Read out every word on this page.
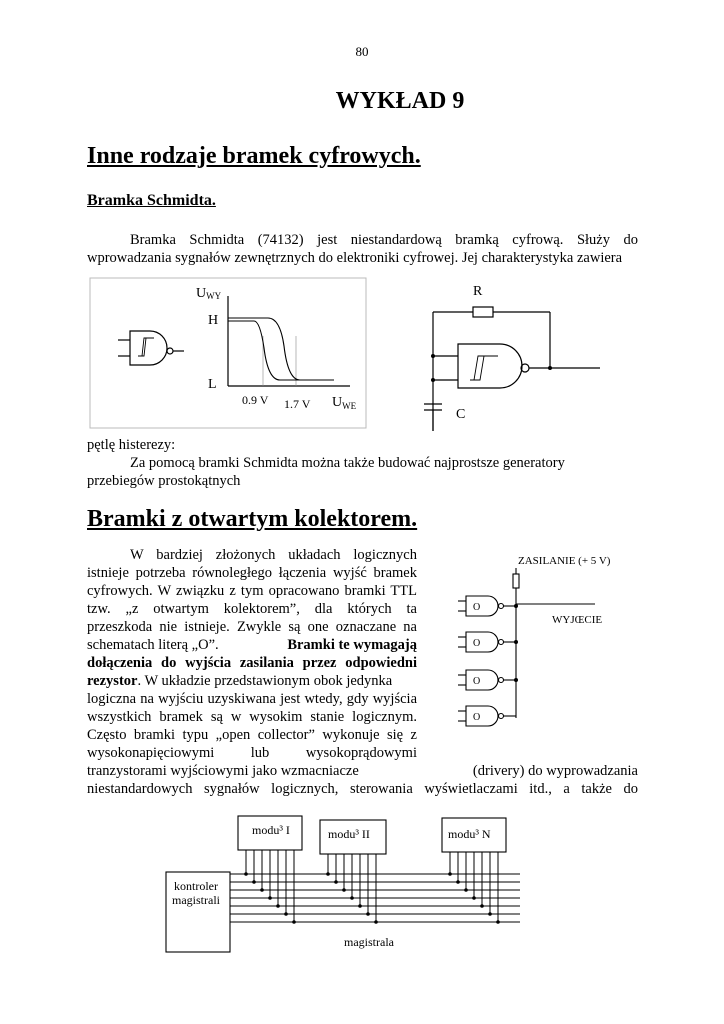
80
WYKŁAD 9
Inne rodzaje bramek cyfrowych.
Bramka Schmidta.
Bramka Schmidta (74132) jest niestandardową bramką cyfrową. Służy do wprowadzania sygnałów zewnętrznych do elektroniki cyfrowej. Jej charakterystyka zawiera
UWY
H
L
0.9 V 1.7 V $U_{WE}$
R
C
pętlę histerezy:
Za pomocą bramki Schmidta można także budować najprostsze generatory
przebiegów prostokątnych
Bramki z otwartym kolektorem.
W bardziej złożonych układach logicznych
istnieje potrzeba równoległego łączenia wyjść bramek
cyfrowych. W związku z tym opracowano bramki TTL
tzw. „z otwartym kolektorem”, dla których ta
przeszkoda nie istnieje. Zwykle są one oznaczane na
schematach literą „O”.	Bramki te wymagają
dołączenia do wyjścia zasilania przez odpowiedni
rezystor. W układzie przedstawionym obok jedynka
logiczna na wyjściu uzyskiwana jest wtedy, gdy wyjścia
wszystkich bramek są w wysokim stanie logicznym.
Często bramki typu „open collector” wykonuje się z
wysokonapięciowymi	lub	wysokoprądowymi
tranzystorami wyjściowymi jako wzmacniacze	(drivery) do wyprowadzania
niestandardowych sygnałów logicznych, sterowania wyświetlaczami itd., a także do
ZASILANIE (+ 5 V)
WYJŒCIE
O
O
O
O
modu³ I	modu³ II	modu³ N
kontroler
magistrali
magistrala
